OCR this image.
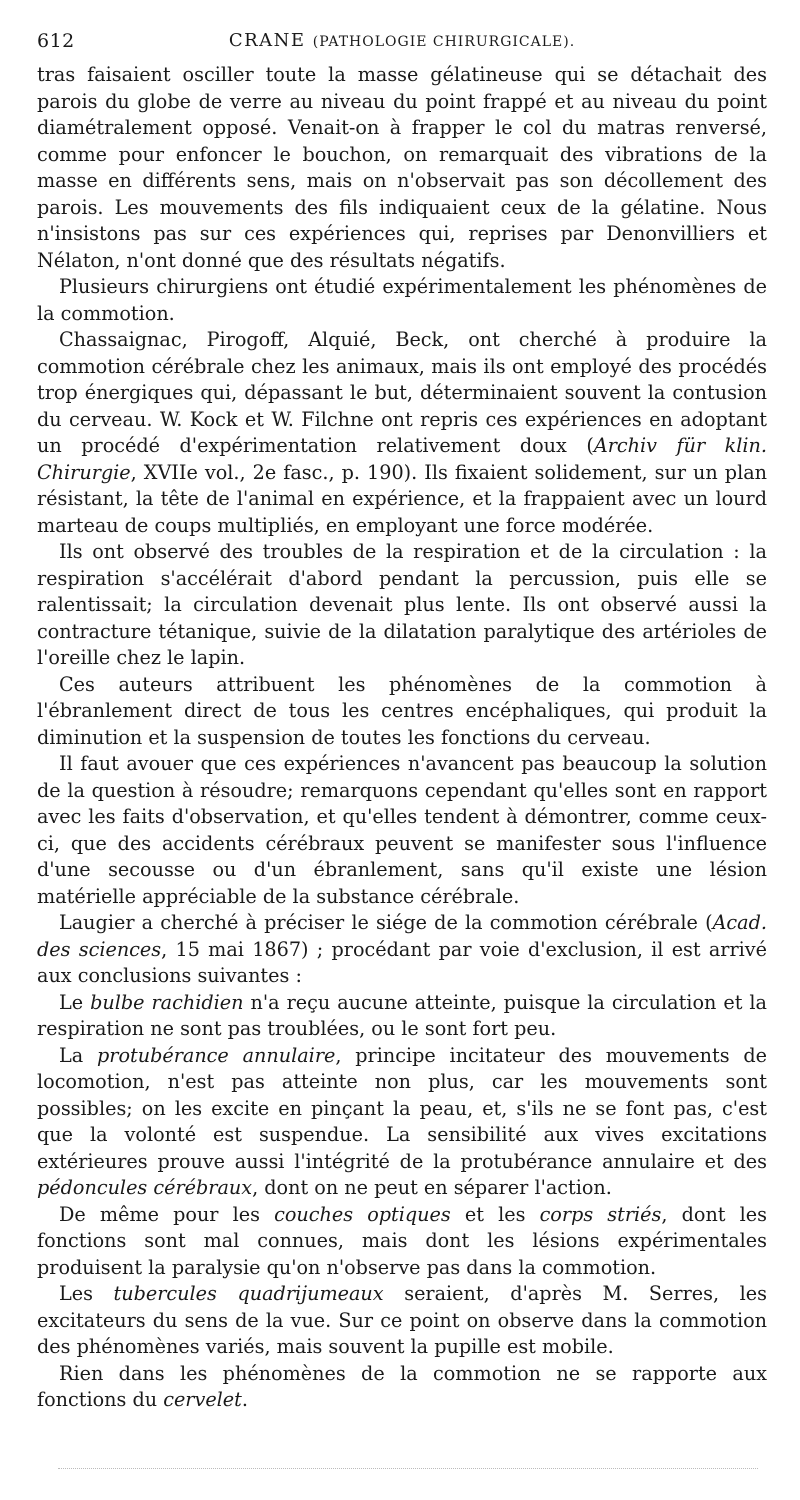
612	CRANE (PATHOLOGIE CHIRURGICALE).

tras faisaient osciller toute la masse gélatineuse qui se détachait des parois du globe de verre au niveau du point frappé et au niveau du point diamétralement opposé. Venait-on à frapper le col du matras renversé, comme pour enfoncer le bouchon, on remarquait des vibrations de la masse en différents sens, mais on n'observait pas son décollement des parois. Les mouvements des fils indiquaient ceux de la gélatine. Nous n'insistons pas sur ces expériences qui, reprises par Denonvilliers et Nélaton, n'ont donné que des résultats négatifs.

Plusieurs chirurgiens ont étudié expérimentalement les phénomènes de la commotion.

Chassaignac, Pirogoff, Alquié, Beck, ont cherché à produire la commotion cérébrale chez les animaux, mais ils ont employé des procédés trop énergiques qui, dépassant le but, déterminaient souvent la contusion du cerveau. W. Kock et W. Filchne ont repris ces expériences en adoptant un procédé d'expérimentation relativement doux (Archiv für klin. Chirurgie, XVIIe vol., 2e fasc., p. 190). Ils fixaient solidement, sur un plan résistant, la tête de l'animal en expérience, et la frappaient avec un lourd marteau de coups multipliés, en employant une force modérée.

Ils ont observé des troubles de la respiration et de la circulation : la respiration s'accélérait d'abord pendant la percussion, puis elle se ralentissait; la circulation devenait plus lente. Ils ont observé aussi la contracture tétanique, suivie de la dilatation paralytique des artérioles de l'oreille chez le lapin.

Ces auteurs attribuent les phénomènes de la commotion à l'ébranlement direct de tous les centres encéphaliques, qui produit la diminution et la suspension de toutes les fonctions du cerveau.

Il faut avouer que ces expériences n'avancent pas beaucoup la solution de la question à résoudre; remarquons cependant qu'elles sont en rapport avec les faits d'observation, et qu'elles tendent à démontrer, comme ceux-ci, que des accidents cérébraux peuvent se manifester sous l'influence d'une secousse ou d'un ébranlement, sans qu'il existe une lésion matérielle appréciable de la substance cérébrale.

Laugier a cherché à préciser le siége de la commotion cérébrale (Acad. des sciences, 15 mai 1867) ; procédant par voie d'exclusion, il est arrivé aux conclusions suivantes :

Le bulbe rachidien n'a reçu aucune atteinte, puisque la circulation et la respiration ne sont pas troublées, ou le sont fort peu.

La protubérance annulaire, principe incitateur des mouvements de locomotion, n'est pas atteinte non plus, car les mouvements sont possibles; on les excite en pinçant la peau, et, s'ils ne se font pas, c'est que la volonté est suspendue. La sensibilité aux vives excitations extérieures prouve aussi l'intégrité de la protubérance annulaire et des pédoncules cérébraux, dont on ne peut en séparer l'action.

De même pour les couches optiques et les corps striés, dont les fonctions sont mal connues, mais dont les lésions expérimentales produisent la paralysie qu'on n'observe pas dans la commotion.

Les tubercules quadrijumeaux seraient, d'après M. Serres, les excitateurs du sens de la vue. Sur ce point on observe dans la commotion des phénomènes variés, mais souvent la pupille est mobile.

Rien dans les phénomènes de la commotion ne se rapporte aux fonctions du cervelet.
